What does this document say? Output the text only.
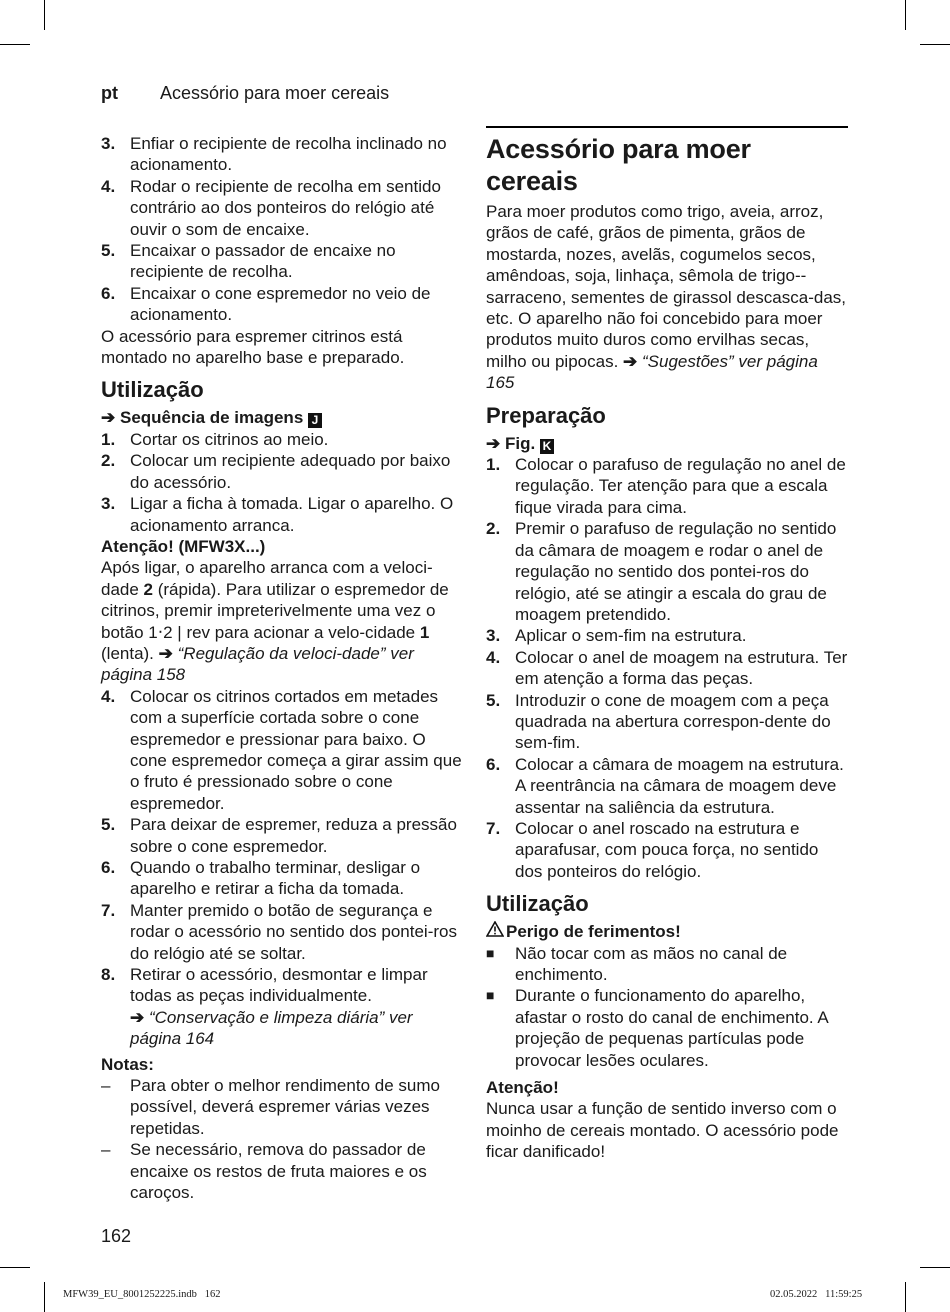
pt Acessório para moer cereais
3. Enfiar o recipiente de recolha inclinado no acionamento.
4. Rodar o recipiente de recolha em sentido contrário ao dos ponteiros do relógio até ouvir o som de encaixe.
5. Encaixar o passador de encaixe no recipiente de recolha.
6. Encaixar o cone espremedor no veio de acionamento.

O acessório para espremer citrinos está montado no aparelho base e preparado.

Utilização

➔ Sequência de imagens J

1. Cortar os citrinos ao meio.
2. Colocar um recipiente adequado por baixo do acessório.
3. Ligar a ficha à tomada. Ligar o aparelho. O acionamento arranca.

Atenção! (MFW3X...)

Após ligar, o aparelho arranca com a veloci-dade 2 (rápida). Para utilizar o espremedor de citrinos, premir impreterivelmente uma vez o botão 1‧2 | rev para acionar a velo-cidade 1 (lenta). ➔ “Regulação da veloci-dade” ver página 158

4. Colocar os citrinos cortados em metades com a superfície cortada sobre o cone espremedor e pressionar para baixo. O cone espremedor começa a girar assim que o fruto é pressionado sobre o cone espremedor.
5. Para deixar de espremer, reduza a pressão sobre o cone espremedor.
6. Quando o trabalho terminar, desligar o aparelho e retirar a ficha da tomada.
7. Manter premido o botão de segurança e rodar o acessório no sentido dos pontei-ros do relógio até se soltar.
8. Retirar o acessório, desmontar e limpar todas as peças individualmente.
➔ “Conservação e limpeza diária” ver página 164

Notas:

–	Para obter o melhor rendimento de sumo possível, deverá espremer várias vezes repetidas.
–	Se necessário, remova do passador de encaixe os restos de fruta maiores e os caroços.
Acessório para moer cereais

Para moer produtos como trigo, aveia, arroz, grãos de café, grãos de pimenta, grãos de mostarda, nozes, avelãs, cogumelos secos, amêndoas, soja, linhaça, sêmola de trigo--sarraceno, sementes de girassol descasca-das, etc. O aparelho não foi concebido para moer produtos muito duros como ervilhas secas, milho ou pipocas. ➔ “Sugestões” ver página 165

Preparação

➔ Fig. K

1. Colocar o parafuso de regulação no anel de regulação. Ter atenção para que a escala fique virada para cima.
2. Premir o parafuso de regulação no sentido da câmara de moagem e rodar o anel de regulação no sentido dos pontei-ros do relógio, até se atingir a escala do grau de moagem pretendido.
3. Aplicar o sem-fim na estrutura.
4. Colocar o anel de moagem na estrutura. Ter em atenção a forma das peças.
5. Introduzir o cone de moagem com a peça quadrada na abertura correspon-dente do sem-fim.
6. Colocar a câmara de moagem na estrutura. A reentrância na câmara de moagem deve assentar na saliência da estrutura.
7. Colocar o anel roscado na estrutura e aparafusar, com pouca força, no sentido dos ponteiros do relógio.
Utilização

Perigo de ferimentos!

■	Não tocar com as mãos no canal de enchimento.
■	Durante o funcionamento do aparelho, afastar o rosto do canal de enchimento. A projeção de pequenas partículas pode provocar lesões oculares.

Atenção!

Nunca usar a função de sentido inverso com o moinho de cereais montado. O acessório pode ficar danificado!

162
MFW39_EU_8001252225.indb   162	02.05.2022   11:59:25
